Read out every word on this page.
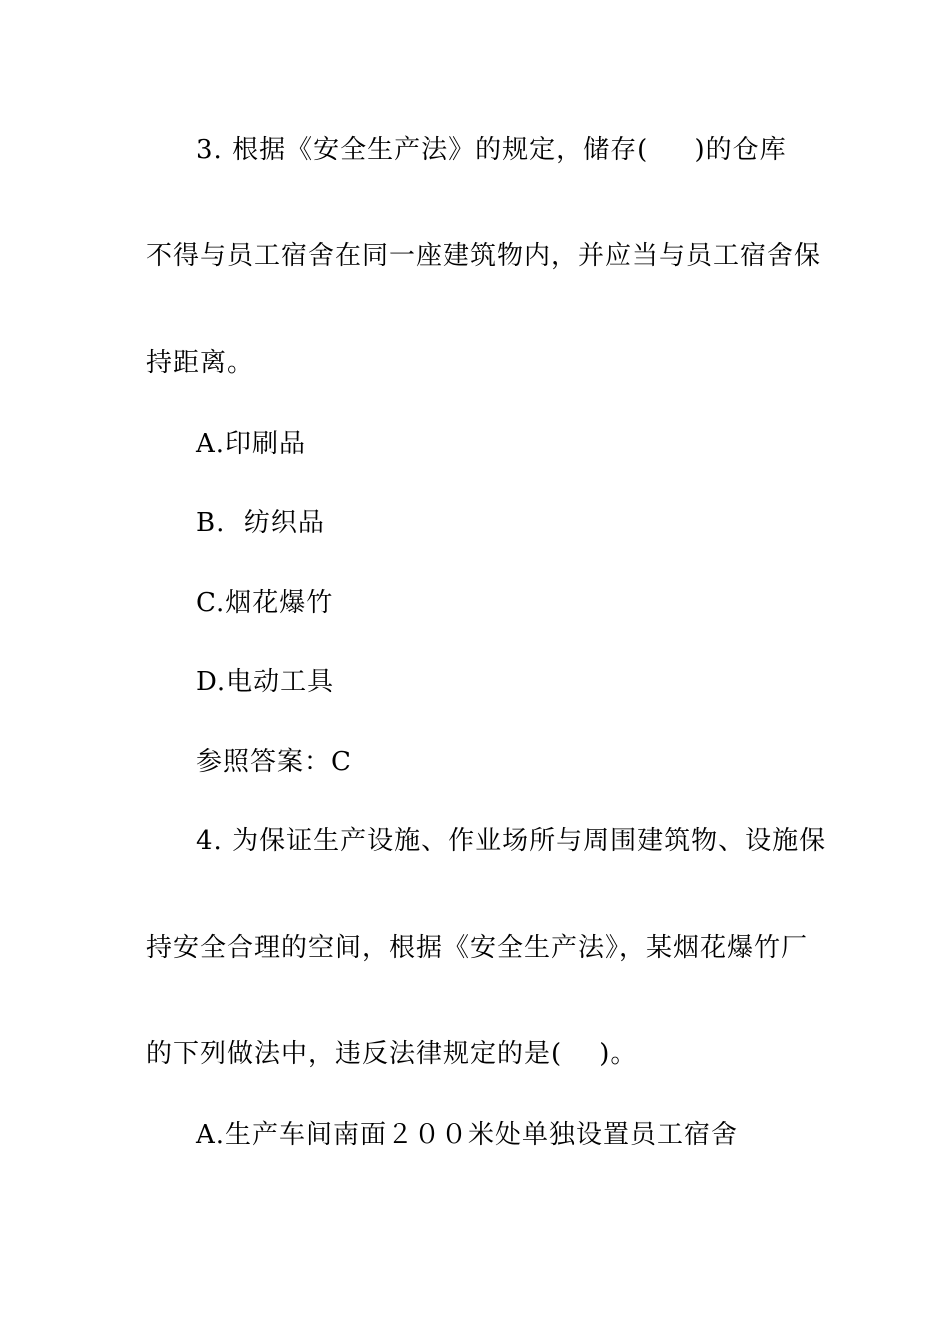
3. 根据《安全生产法》的规定，储存(     )的仓库
不得与员工宿舍在同一座建筑物内，并应当与员工宿舍保
持距离。
A.印刷品
B.  纺织品
C.烟花爆竹
D.电动工具
参照答案：C
4. 为保证生产设施、作业场所与周围建筑物、设施保
持安全合理的空间，根据《安全生产法》，某烟花爆竹厂
的下列做法中，违反法律规定的是(    )。
A.生产车间南面２００米处单独设置员工宿舍
